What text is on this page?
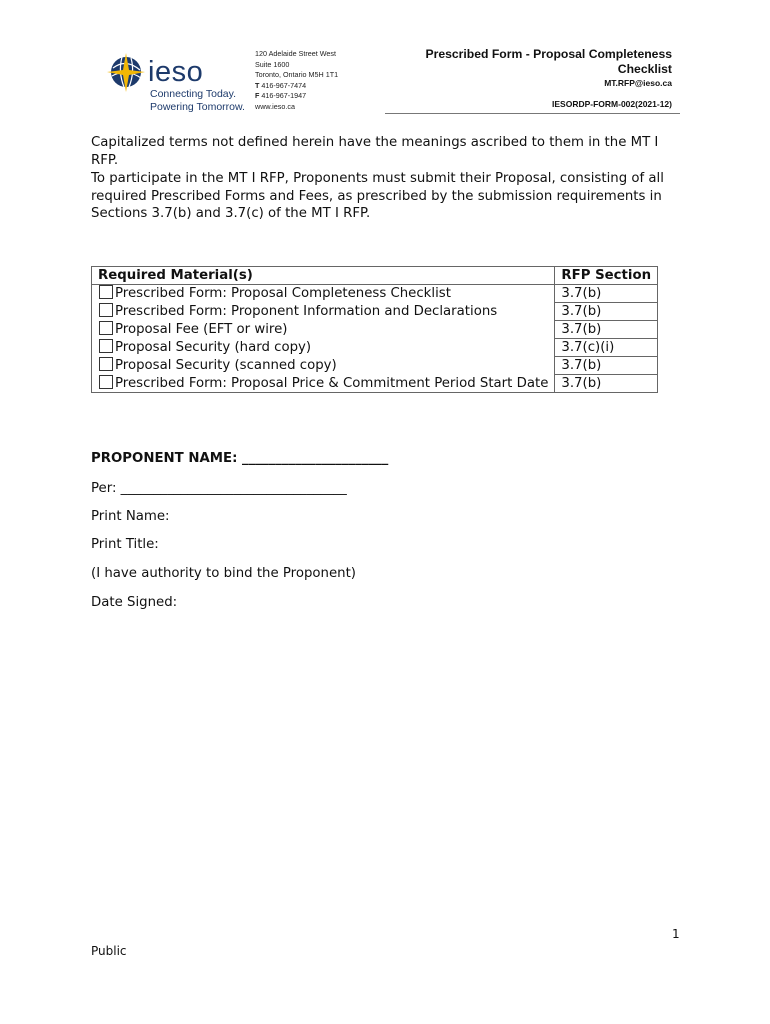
ieso
Connecting Today.
Powering Tomorrow.
120 Adelaide Street West
Suite 1600
Toronto, Ontario M5H 1T1
T 416-967-7474
F 416-967-1947
www.ieso.ca
Prescribed Form - Proposal Completeness Checklist
MT.RFP@ieso.ca
IESORDP-FORM-002(2021-12)
Capitalized terms not defined herein have the meanings ascribed to them in the MT I RFP.
To participate in the MT I RFP, Proponents must submit their Proposal, consisting of all required Prescribed Forms and Fees, as prescribed by the submission requirements in Sections 3.7(b) and 3.7(c) of the MT I RFP.
Required Material(s)	RFP Section
Prescribed Form: Proposal Completeness Checklist	3.7(b)
Prescribed Form: Proponent Information and Declarations	3.7(b)
Proposal Fee (EFT or wire)	3.7(b)
Proposal Security (hard copy)	3.7(c)(i)
Proposal Security (scanned copy)	3.7(b)
Prescribed Form: Proposal Price & Commitment Period Start Date	3.7(b)
PROPONENT NAME: ______________________
Per: __________________________________
Print Name:
Print Title:
(I have authority to bind the Proponent)
Date Signed:
1
Public
